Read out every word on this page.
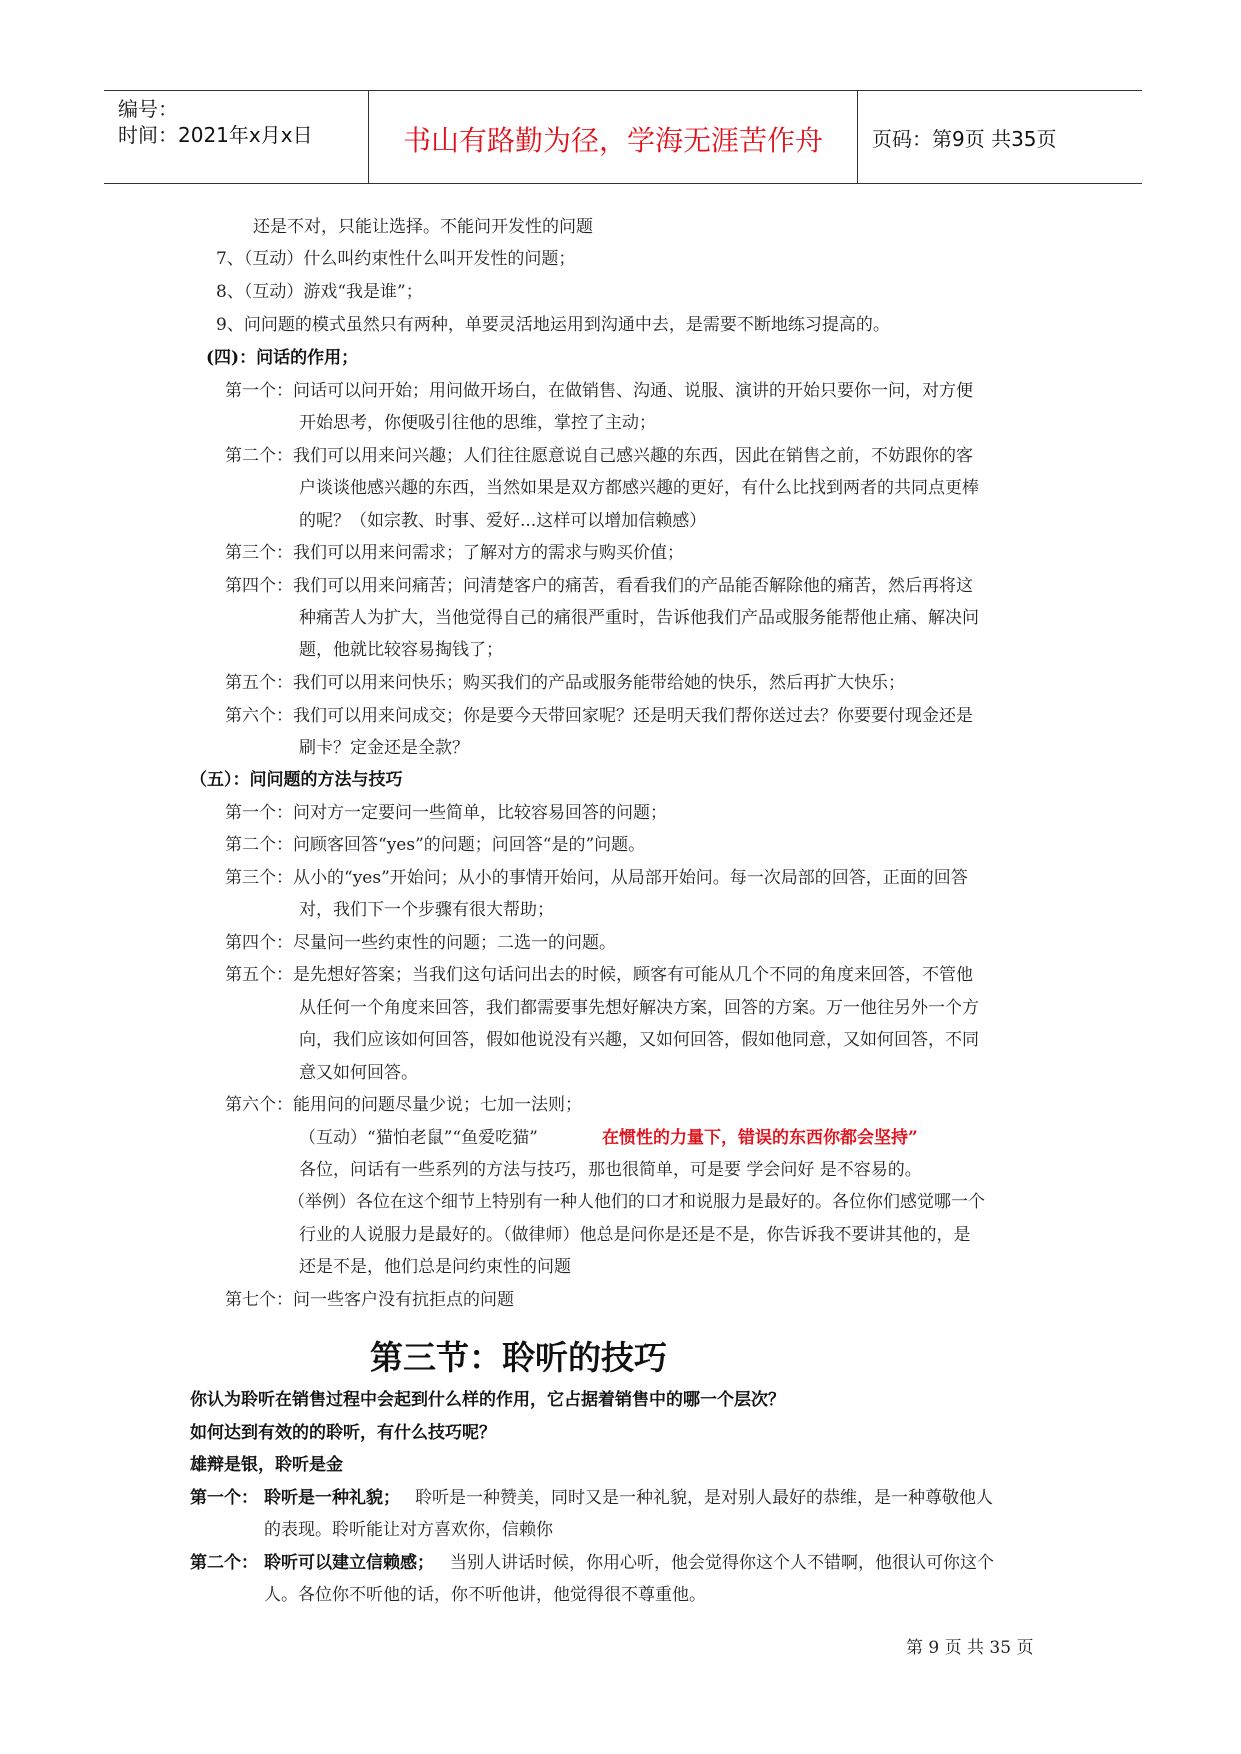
编号：
时间：2021年x月x日	书山有路勤为径，学海无涯苦作舟	页码：第9页 共35页
还是不对，只能让选择。不能问开发性的问题
7、（互动）什么叫约束性什么叫开发性的问题；
8、（互动）游戏“我是谁”；
9、问问题的模式虽然只有两种，单要灵活地运用到沟通中去，是需要不断地练习提高的。
(四)：问话的作用；
第一个：问话可以问开始；用问做开场白，在做销售、沟通、说服、演讲的开始只要你一问，对方便
开始思考，你便吸引往他的思维，掌控了主动；
第二个：我们可以用来问兴趣；人们往往愿意说自己感兴趣的东西，因此在销售之前，不妨跟你的客
户谈谈他感兴趣的东西，当然如果是双方都感兴趣的更好，有什么比找到两者的共同点更棒
的呢？（如宗教、时事、爱好...这样可以增加信赖感）
第三个：我们可以用来问需求；了解对方的需求与购买价值；
第四个：我们可以用来问痛苦；问清楚客户的痛苦，看看我们的产品能否解除他的痛苦，然后再将这
种痛苦人为扩大，当他觉得自己的痛很严重时，告诉他我们产品或服务能帮他止痛、解决问
题，他就比较容易掏钱了；
第五个：我们可以用来问快乐；购买我们的产品或服务能带给她的快乐，然后再扩大快乐；
第六个：我们可以用来问成交；你是要今天带回家呢？还是明天我们帮你送过去？你要要付现金还是
刷卡？定金还是全款？
（五）：问问题的方法与技巧
第一个：问对方一定要问一些简单，比较容易回答的问题；
第二个：问顾客回答“yes”的问题；问回答“是的”问题。
第三个：从小的“yes”开始问；从小的事情开始问，从局部开始问。每一次局部的回答，正面的回答
对，我们下一个步骤有很大帮助；
第四个：尽量问一些约束性的问题；二选一的问题。
第五个：是先想好答案；当我们这句话问出去的时候，顾客有可能从几个不同的角度来回答，不管他
从任何一个角度来回答，我们都需要事先想好解决方案，回答的方案。万一他往另外一个方
向，我们应该如何回答，假如他说没有兴趣，又如何回答，假如他同意，又如何回答，不同
意又如何回答。
第六个：能用问的问题尽量少说；七加一法则；
（互动）“猫怕老鼠”“鱼爱吃猫”	在惯性的力量下，错误的东西你都会坚持”
各位，问话有一些系列的方法与技巧，那也很简单，可是要 学会问好 是不容易的。
（举例）各位在这个细节上特别有一种人他们的口才和说服力是最好的。各位你们感觉哪一个
行业的人说服力是最好的。（做律师）他总是问你是还是不是，你告诉我不要讲其他的，是
还是不是，他们总是问约束性的问题
第七个：问一些客户没有抗拒点的问题
第三节：聆听的技巧
你认为聆听在销售过程中会起到什么样的作用，它占据着销售中的哪一个层次？
如何达到有效的的聆听，有什么技巧呢？
雄辩是银，聆听是金
第一个： 聆听是一种礼貌； 聆听是一种赞美，同时又是一种礼貌，是对别人最好的恭维，是一种尊敬他人
的表现。聆听能让对方喜欢你，信赖你
第二个： 聆听可以建立信赖感； 当别人讲话时候，你用心听，他会觉得你这个人不错啊，他很认可你这个
人。各位你不听他的话，你不听他讲，他觉得很不尊重他。
第 9 页 共 35 页
